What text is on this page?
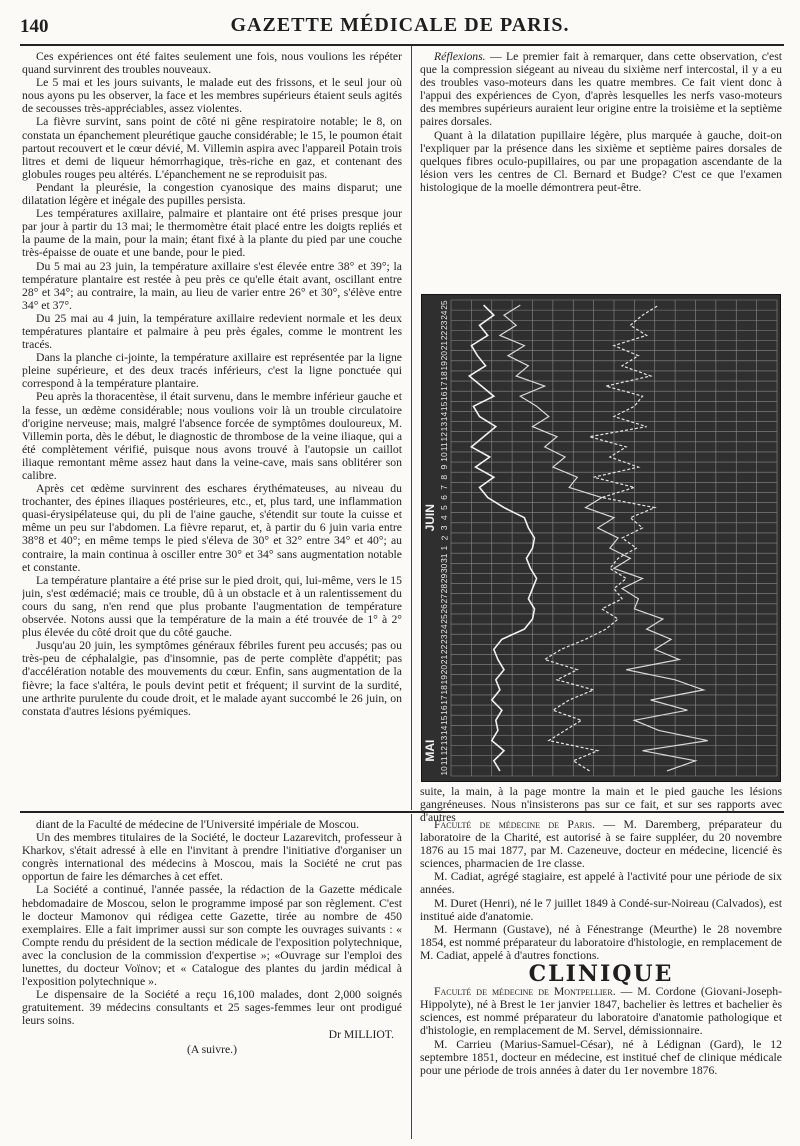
140	GAZETTE MÉDICALE DE PARIS.

Ces expériences ont été faites seulement une fois, nous voulions les répéter quand survinrent des troubles nouveaux.

Le 5 mai et les jours suivants, le malade eut des frissons, et le seul jour où nous ayons pu les observer, la face et les membres supérieurs étaient seuls agités de secousses très-appréciables, assez violentes.

La fièvre survint, sans point de côté ni gêne respiratoire notable; le 8, on constata un épanchement pleurétique gauche considérable; le 15, le poumon était partout recouvert et le cœur dévié, M. Villemin aspira avec l'appareil Potain trois litres et demi de liqueur hémorrhagique, très-riche en gaz, et contenant des globules rouges peu altérés. L'épanchement ne se reproduisit pas.

Pendant la pleurésie, la congestion cyanosique des mains disparut; une dilatation légère et inégale des pupilles persista.

Les températures axillaire, palmaire et plantaire ont été prises presque jour par jour à partir du 13 mai; le thermomètre était placé entre les doigts repliés et la paume de la main, pour la main; étant fixé à la plante du pied par une couche très-épaisse de ouate et une bande, pour le pied.

Du 5 mai au 23 juin, la température axillaire s'est élevée entre 38° et 39°; la température plantaire est restée à peu près ce qu'elle était avant, oscillant entre 28° et 34°; au contraire, la main, au lieu de varier entre 26° et 30°, s'élève entre 34° et 37°.

Du 25 mai au 4 juin, la température axillaire redevient normale et les deux températures plantaire et palmaire à peu près égales, comme le montrent les tracés.

Dans la planche ci-jointe, la température axillaire est représentée par la ligne pleine supérieure, et des deux tracés inférieurs, c'est la ligne ponctuée qui correspond à la température plantaire.

Peu après la thoracentèse, il était survenu, dans le membre inférieur gauche et la fesse, un œdème considérable; nous voulions voir là un trouble circulatoire d'origine nerveuse; mais, malgré l'absence forcée de symptômes douloureux, M. Villemin porta, dès le début, le diagnostic de thrombose de la veine iliaque, qui a été complètement vérifié, puisque nous avons trouvé à l'autopsie un caillot iliaque remontant même assez haut dans la veine-cave, mais sans oblitérer son calibre.

Après cet œdème survinrent des eschares érythémateuses, au niveau du trochanter, des épines iliaques postérieures, etc., et, plus tard, une inflammation quasi-érysipélateuse qui, du pli de l'aine gauche, s'étendit sur toute la cuisse et même un peu sur l'abdomen. La fièvre reparut, et, à partir du 6 juin varia entre 38°8 et 40°; en même temps le pied s'éleva de 30° et 32° entre 34° et 40°; au contraire, la main continua à osciller entre 30° et 34° sans augmentation notable et constante.

La température plantaire a été prise sur le pied droit, qui, lui-même, vers le 15 juin, s'est œdémacié; mais ce trouble, dû à un obstacle et à un ralentissement du cours du sang, n'en rend que plus probante l'augmentation de température observée. Notons aussi que la température de la main a été trouvée de 1° à 2° plus élevée du côté droit que du côté gauche.

Jusqu'au 20 juin, les symptômes généraux fébriles furent peu accusés; pas ou très-peu de céphalalgie, pas d'insomnie, pas de perte complète d'appétit; pas d'accélération notable des mouvements du cœur. Enfin, sans augmentation de la fièvre; la face s'altéra, le pouls devint petit et fréquent; il survint de la surdité, une arthrite purulente du coude droit, et le malade ayant succombé le 26 juin, on constata d'autres lésions pyémiques.

Réflexions. — Le premier fait à remarquer, dans cette observation, c'est que la compression siégeant au niveau du sixième nerf intercostal, il y a eu des troubles vaso-moteurs dans les quatre membres. Ce fait vient donc à l'appui des expériences de Cyon, d'après lesquelles les nerfs vaso-moteurs des membres supérieurs auraient leur origine entre la troisième et la septième paires dorsales.

Quant à la dilatation pupillaire légère, plus marquée à gauche, doit-on l'expliquer par la présence dans les sixième et septième paires dorsales de quelques fibres oculo-pupillaires, ou par une propagation ascendante de la lésion vers les centres de Cl. Bernard et Budge? C'est ce que l'examen histologique de la moelle démontrera peut-être.

10
11
12
13
14
15
16
17
18
19
20
21
22
23
24
25
26
27
28
29
30
31
1
2
3
4
5
6
7
8
9
10
11
12
13
14
15
16
17
18
19
20
21
22
23
24
25
MAI
JUIN
suite, la main, à la page montre la main et le pied gauche les lésions gangréneuses. Nous n'insisterons pas sur ce fait, et sur ses rapports avec d'autres

diant de la Faculté de médecine de l'Université impériale de Moscou.

Un des membres titulaires de la Société, le docteur Lazarevitch, professeur à Kharkov, s'était adressé à elle en l'invitant à prendre l'initiative d'organiser un congrès international des médecins à Moscou, mais la Société ne crut pas opportun de faire les démarches à cet effet.

La Société a continué, l'année passée, la rédaction de la Gazette médicale hebdomadaire de Moscou, selon le programme imposé par son règlement. C'est le docteur Mamonov qui rédigea cette Gazette, tirée au nombre de 450 exemplaires. Elle a fait imprimer aussi sur son compte les ouvrages suivants : « Compte rendu du président de la section médicale de l'exposition polytechnique, avec la conclusion de la commission d'expertise »; «Ouvrage sur l'emploi des lunettes, du docteur Voïnov; et « Catalogue des plantes du jardin médical à l'exposition polytechnique ».

Le dispensaire de la Société a reçu 16,100 malades, dont 2,000 soignés gratuitement. 39 médecins consultants et 25 sages-femmes leur ont prodigué leurs soins.

Dr MILLIOT.
(A suivre.)

Faculté de médecine de Paris. — M. Daremberg, préparateur du laboratoire de la Charité, est autorisé à se faire suppléer, du 20 novembre 1876 au 15 mai 1877, par M. Cazeneuve, docteur en médecine, licencié ès sciences, pharmacien de 1re classe.

M. Cadiat, agrégé stagiaire, est appelé à l'activité pour une période de six années.

M. Duret (Henri), né le 7 juillet 1849 à Condé-sur-Noireau (Calvados), est institué aide d'anatomie.

M. Hermann (Gustave), né à Fénestrange (Meurthe) le 28 novembre 1854, est nommé préparateur du laboratoire d'histologie, en remplacement de M. Cadiat, appelé à d'autres fonctions.

CLINIQUE

Faculté de médecine de Montpellier. — M. Cordone (Giovani-Joseph-Hippolyte), né à Brest le 1er janvier 1847, bachelier ès lettres et bachelier ès sciences, est nommé préparateur du laboratoire d'anatomie pathologique et d'histologie, en remplacement de M. Servel, démissionnaire.

M. Carrieu (Marius-Samuel-César), né à Lédignan (Gard), le 12 septembre 1851, docteur en médecine, est institué chef de clinique médicale pour une période de trois années à dater du 1er novembre 1876.
